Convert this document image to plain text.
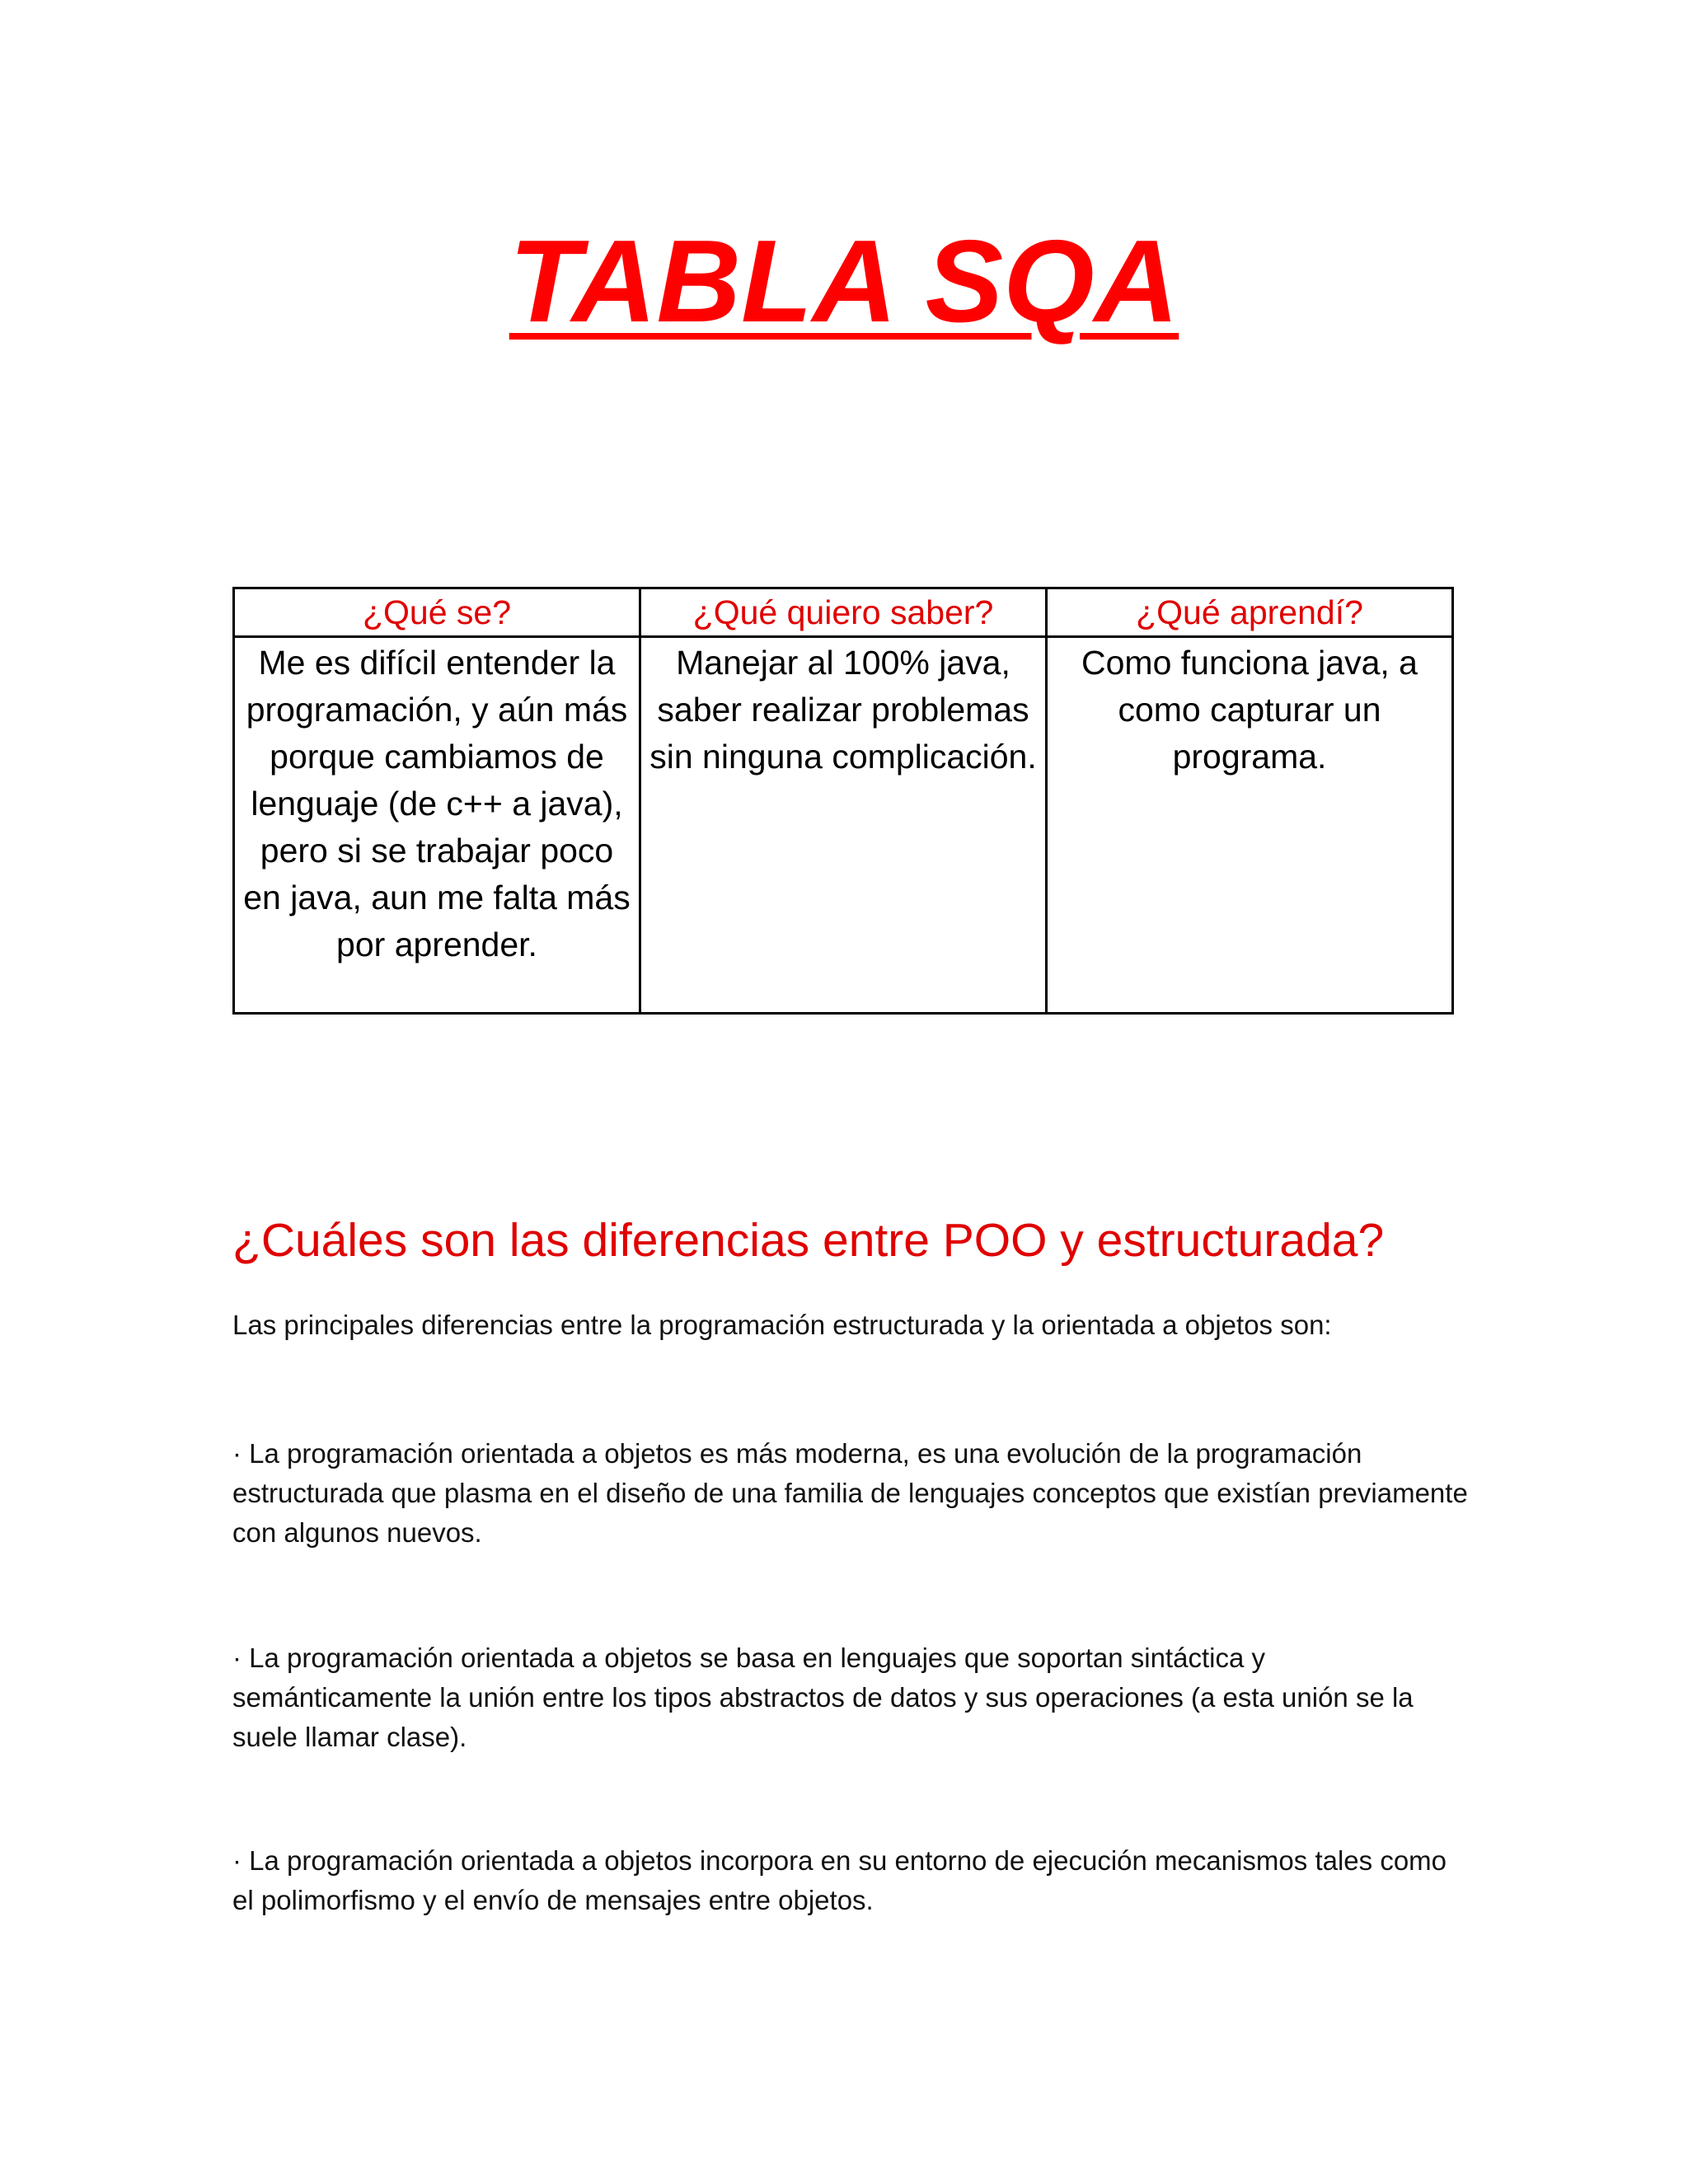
TABLA SQA
¿Qué se?	¿Qué quiero saber?	¿Qué aprendí?
Me es difícil entender la programación, y aún más porque cambiamos de lenguaje (de c++ a java), pero si se trabajar poco en java, aun me falta más por aprender.	Manejar al 100% java, saber realizar problemas sin ninguna complicación.	Como funciona java, a como capturar un programa.
¿Cuáles son las diferencias entre POO y estructurada?

Las principales diferencias entre la programación estructurada y la orientada a objetos son:

· La programación orientada a objetos es más moderna, es una evolución de la programación estructurada que plasma en el diseño de una familia de lenguajes conceptos que existían previamente con algunos nuevos.

· La programación orientada a objetos se basa en lenguajes que soportan sintáctica y semánticamente la unión entre los tipos abstractos de datos y sus operaciones (a esta unión se la suele llamar clase).

· La programación orientada a objetos incorpora en su entorno de ejecución mecanismos tales como el polimorfismo y el envío de mensajes entre objetos.
